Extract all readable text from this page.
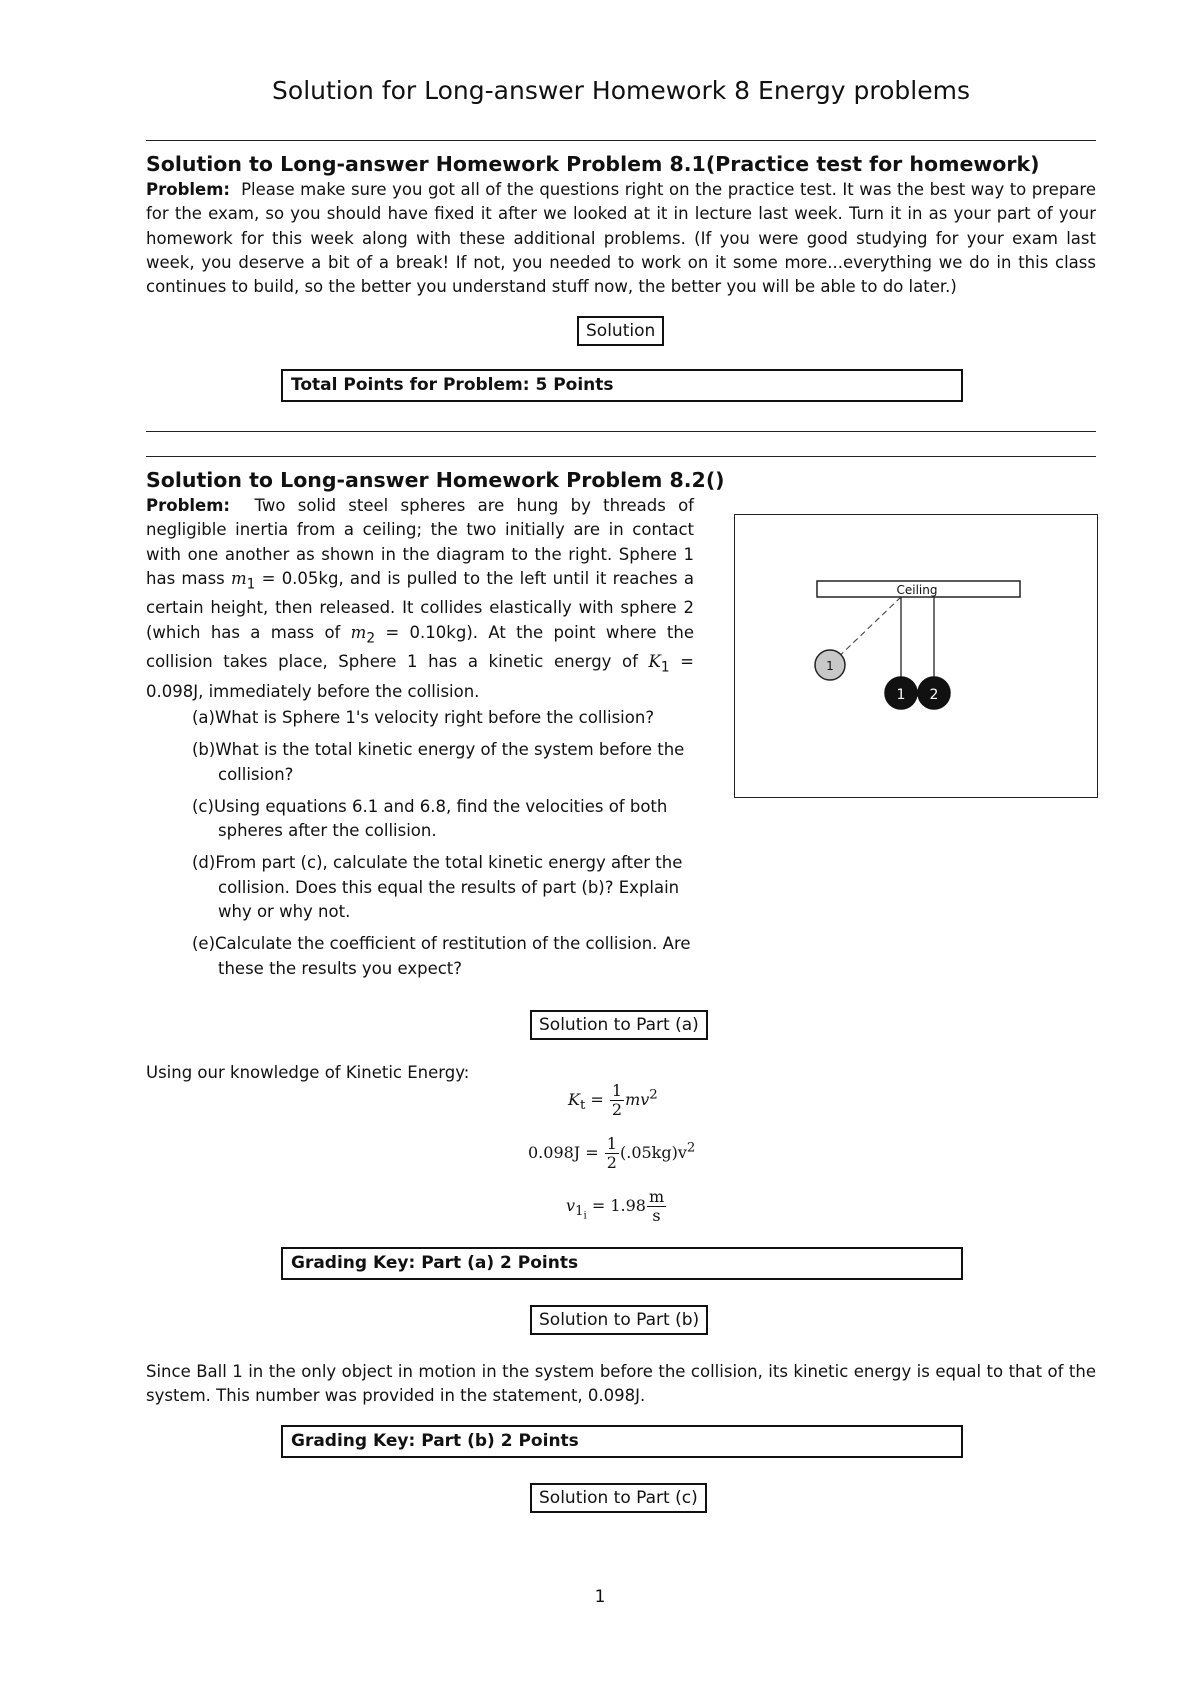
Solution for Long-answer Homework 8 Energy problems
Solution to Long-answer Homework Problem 8.1(Practice test for homework)
Problem: Please make sure you got all of the questions right on the practice test. It was the best way to prepare for the exam, so you should have fixed it after we looked at it in lecture last week. Turn it in as your part of your homework for this week along with these additional problems. (If you were good studying for your exam last week, you deserve a bit of a break! If not, you needed to work on it some more...everything we do in this class continues to build, so the better you understand stuff now, the better you will be able to do later.)
Solution
Total Points for Problem: 5 Points
Solution to Long-answer Homework Problem 8.2()
Problem: Two solid steel spheres are hung by threads of negligible inertia from a ceiling; the two initially are in contact with one another as shown in the diagram to the right. Sphere 1 has mass $m_1 = 0.05kg$, and is pulled to the left until it reaches a certain height, then released. It collides elastically with sphere 2 (which has a mass of $m_2 = 0.10kg$). At the point where the collision takes place, Sphere 1 has a kinetic energy of $K_1 = 0.098J$, immediately before the collision.
(a)What is Sphere 1's velocity right before the collision?
(b)What is the total kinetic energy of the system before the collision?
(c)Using equations 6.1 and 6.8, find the velocities of both spheres after the collision.
(d)From part (c), calculate the total kinetic energy after the collision. Does this equal the results of part (b)? Explain why or why not.
(e)Calculate the coefficient of restitution of the collision. Are these the results you expect?
Solution to Part (a)
Using our knowledge of Kinetic Energy:
$K_t = \frac{1}{2} mv^2$
$0.098J = \frac{1}{2} (.05kg)v^2$
$v_{1_i} = 1.98 \frac{m}{s}$
Grading Key: Part (a) 2 Points
Solution to Part (b)
Since Ball 1 in the only object in motion in the system before the collision, its kinetic energy is equal to that of the system. This number was provided in the statement, 0.098J.
Grading Key: Part (b) 2 Points
Solution to Part (c)
Ceiling
1
1 2
1
